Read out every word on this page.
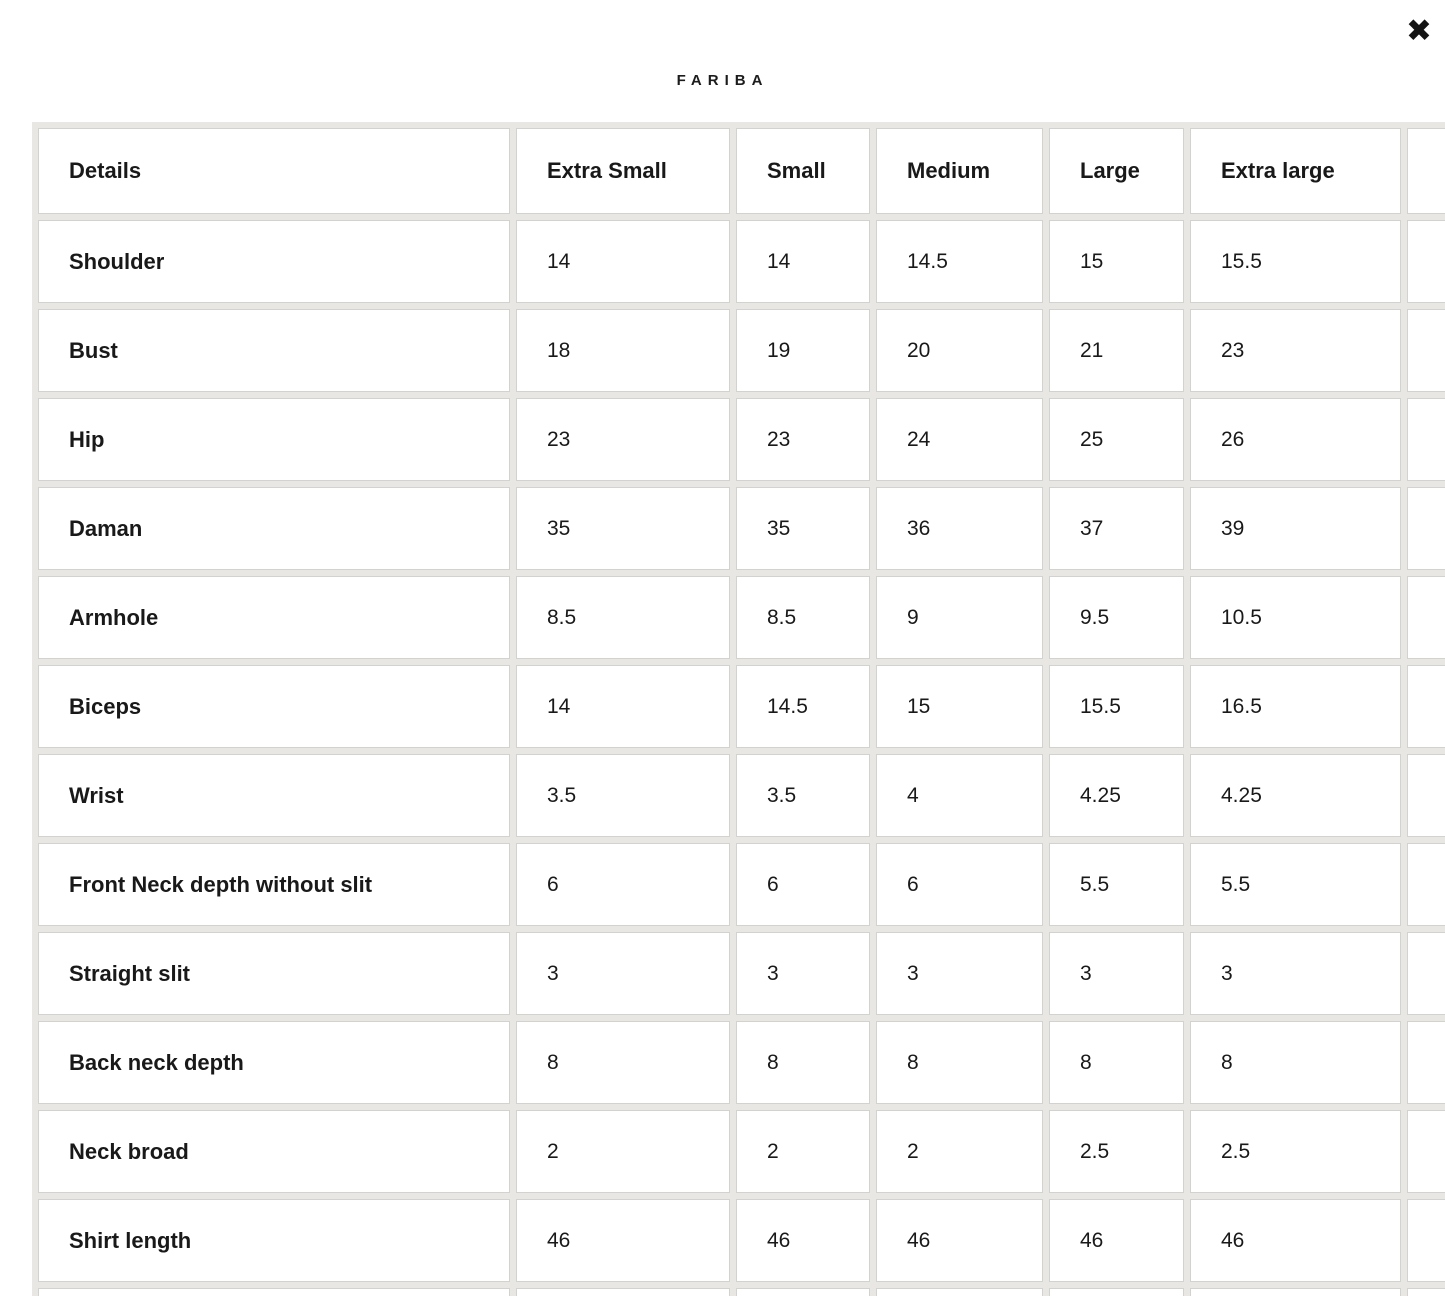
✖
FARIBA
Details	Extra Small	Small	Medium	Large	Extra large	
Shoulder	14	14	14.5	15	15.5	
Bust	18	19	20	21	23	
Hip	23	23	24	25	26	
Daman	35	35	36	37	39	
Armhole	8.5	8.5	9	9.5	10.5	
Biceps	14	14.5	15	15.5	16.5	
Wrist	3.5	3.5	4	4.25	4.25	
Front Neck depth without slit	6	6	6	5.5	5.5	
Straight slit	3	3	3	3	3	
Back neck depth	8	8	8	8	8	
Neck broad	2	2	2	2.5	2.5	
Shirt length	46	46	46	46	46	
